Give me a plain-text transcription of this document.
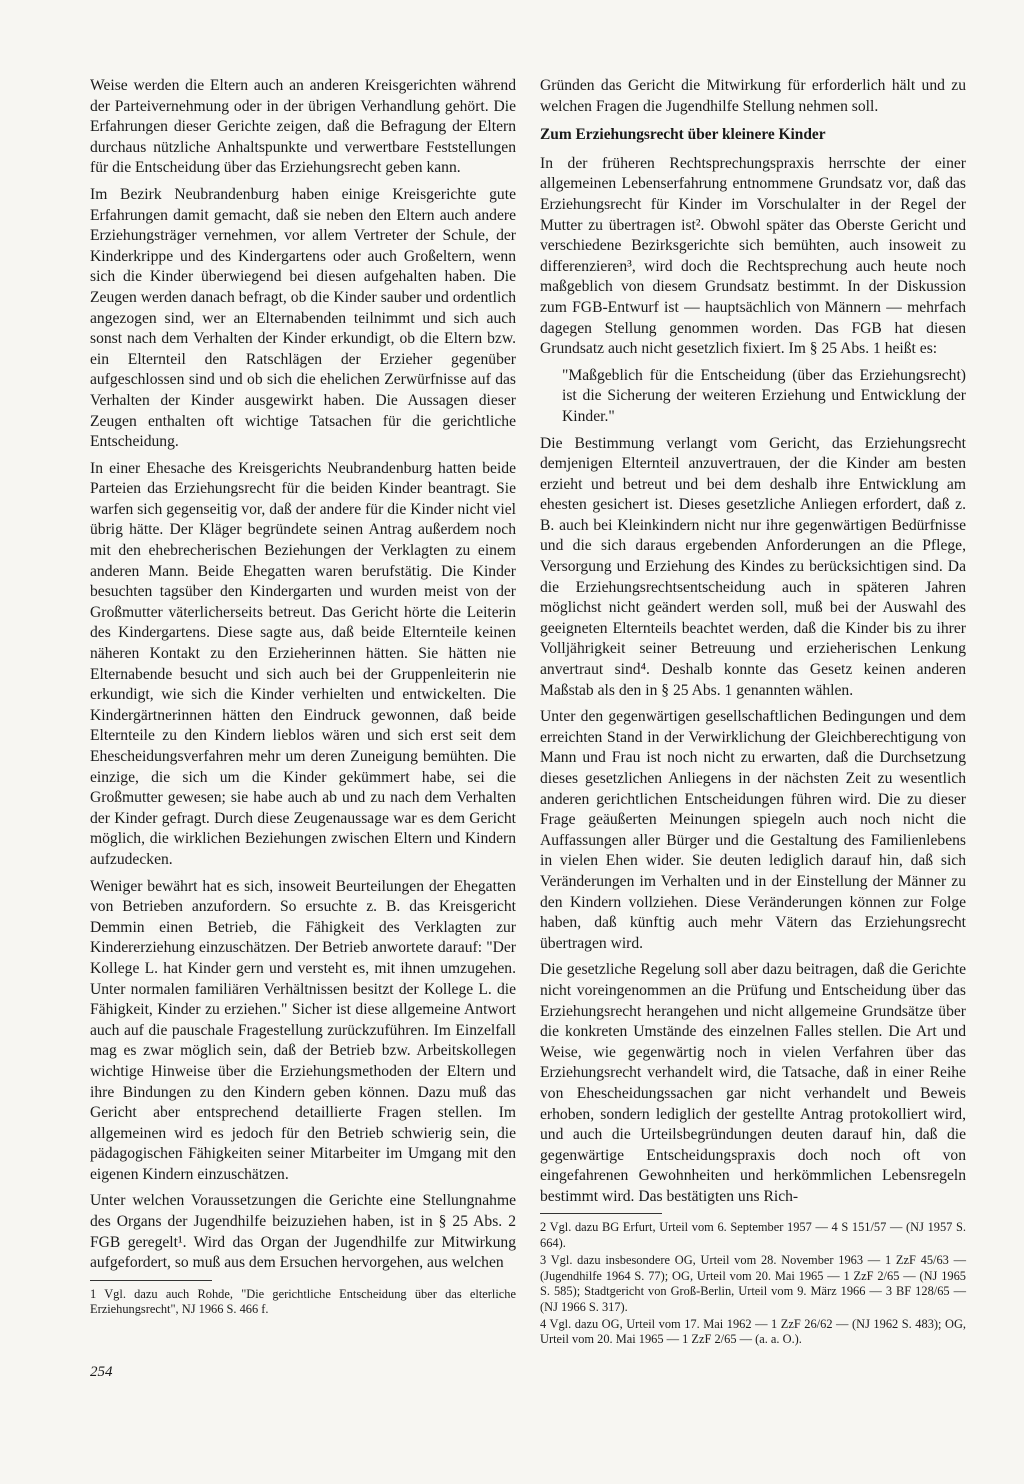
Weise werden die Eltern auch an anderen Kreisgerichten während der Parteivernehmung oder in der übrigen Verhandlung gehört. Die Erfahrungen dieser Gerichte zeigen, daß die Befragung der Eltern durchaus nützliche Anhaltspunkte und verwertbare Feststellungen für die Entscheidung über das Erziehungsrecht geben kann.

Im Bezirk Neubrandenburg haben einige Kreisgerichte gute Erfahrungen damit gemacht, daß sie neben den Eltern auch andere Erziehungsträger vernehmen, vor allem Vertreter der Schule, der Kinderkrippe und des Kindergartens oder auch Großeltern, wenn sich die Kinder überwiegend bei diesen aufgehalten haben. Die Zeugen werden danach befragt, ob die Kinder sauber und ordentlich angezogen sind, wer an Elternabenden teilnimmt und sich auch sonst nach dem Verhalten der Kinder erkundigt, ob die Eltern bzw. ein Elternteil den Ratschlägen der Erzieher gegenüber aufgeschlossen sind und ob sich die ehelichen Zerwürfnisse auf das Verhalten der Kinder ausgewirkt haben. Die Aussagen dieser Zeugen enthalten oft wichtige Tatsachen für die gerichtliche Entscheidung.

In einer Ehesache des Kreisgerichts Neubrandenburg hatten beide Parteien das Erziehungsrecht für die beiden Kinder beantragt. Sie warfen sich gegenseitig vor, daß der andere für die Kinder nicht viel übrig hätte. Der Kläger begründete seinen Antrag außerdem noch mit den ehebrecherischen Beziehungen der Verklagten zu einem anderen Mann. Beide Ehegatten waren berufstätig. Die Kinder besuchten tagsüber den Kindergarten und wurden meist von der Großmutter väterlicherseits betreut. Das Gericht hörte die Leiterin des Kindergartens. Diese sagte aus, daß beide Elternteile keinen näheren Kontakt zu den Erzieherinnen hätten. Sie hätten nie Elternabende besucht und sich auch bei der Gruppenleiterin nie erkundigt, wie sich die Kinder verhielten und entwickelten. Die Kindergärtnerinnen hätten den Eindruck gewonnen, daß beide Elternteile zu den Kindern lieblos wären und sich erst seit dem Ehescheidungsverfahren mehr um deren Zuneigung bemühten. Die einzige, die sich um die Kinder gekümmert habe, sei die Großmutter gewesen; sie habe auch ab und zu nach dem Verhalten der Kinder gefragt. Durch diese Zeugenaussage war es dem Gericht möglich, die wirklichen Beziehungen zwischen Eltern und Kindern aufzudecken.

Weniger bewährt hat es sich, insoweit Beurteilungen der Ehegatten von Betrieben anzufordern. So ersuchte z. B. das Kreisgericht Demmin einen Betrieb, die Fähigkeit des Verklagten zur Kindererziehung einzuschätzen. Der Betrieb anwortete darauf: "Der Kollege L. hat Kinder gern und versteht es, mit ihnen umzugehen. Unter normalen familiären Verhältnissen besitzt der Kollege L. die Fähigkeit, Kinder zu erziehen." Sicher ist diese allgemeine Antwort auch auf die pauschale Fragestellung zurückzuführen. Im Einzelfall mag es zwar möglich sein, daß der Betrieb bzw. Arbeitskollegen wichtige Hinweise über die Erziehungsmethoden der Eltern und ihre Bindungen zu den Kindern geben können. Dazu muß das Gericht aber entsprechend detaillierte Fragen stellen. Im allgemeinen wird es jedoch für den Betrieb schwierig sein, die pädagogischen Fähigkeiten seiner Mitarbeiter im Umgang mit den eigenen Kindern einzuschätzen.

Unter welchen Voraussetzungen die Gerichte eine Stellungnahme des Organs der Jugendhilfe beizuziehen haben, ist in § 25 Abs. 2 FGB geregelt¹. Wird das Organ der Jugendhilfe zur Mitwirkung aufgefordert, so muß aus dem Ersuchen hervorgehen, aus welchen

1 Vgl. dazu auch Rohde, "Die gerichtliche Entscheidung über das elterliche Erziehungsrecht", NJ 1966 S. 466 f.

Gründen das Gericht die Mitwirkung für erforderlich hält und zu welchen Fragen die Jugendhilfe Stellung nehmen soll.

Zum Erziehungsrecht über kleinere Kinder

In der früheren Rechtsprechungspraxis herrschte der einer allgemeinen Lebenserfahrung entnommene Grundsatz vor, daß das Erziehungsrecht für Kinder im Vorschulalter in der Regel der Mutter zu übertragen ist². Obwohl später das Oberste Gericht und verschiedene Bezirksgerichte sich bemühten, auch insoweit zu differenzieren³, wird doch die Rechtsprechung auch heute noch maßgeblich von diesem Grundsatz bestimmt. In der Diskussion zum FGB-Entwurf ist — hauptsächlich von Männern — mehrfach dagegen Stellung genommen worden. Das FGB hat diesen Grundsatz auch nicht gesetzlich fixiert. Im § 25 Abs. 1 heißt es:

"Maßgeblich für die Entscheidung (über das Erziehungsrecht) ist die Sicherung der weiteren Erziehung und Entwicklung der Kinder."

Die Bestimmung verlangt vom Gericht, das Erziehungsrecht demjenigen Elternteil anzuvertrauen, der die Kinder am besten erzieht und betreut und bei dem deshalb ihre Entwicklung am ehesten gesichert ist. Dieses gesetzliche Anliegen erfordert, daß z. B. auch bei Kleinkindern nicht nur ihre gegenwärtigen Bedürfnisse und die sich daraus ergebenden Anforderungen an die Pflege, Versorgung und Erziehung des Kindes zu berücksichtigen sind. Da die Erziehungsrechtsentscheidung auch in späteren Jahren möglichst nicht geändert werden soll, muß bei der Auswahl des geeigneten Elternteils beachtet werden, daß die Kinder bis zu ihrer Volljährigkeit seiner Betreuung und erzieherischen Lenkung anvertraut sind⁴. Deshalb konnte das Gesetz keinen anderen Maßstab als den in § 25 Abs. 1 genannten wählen.

Unter den gegenwärtigen gesellschaftlichen Bedingungen und dem erreichten Stand in der Verwirklichung der Gleichberechtigung von Mann und Frau ist noch nicht zu erwarten, daß die Durchsetzung dieses gesetzlichen Anliegens in der nächsten Zeit zu wesentlich anderen gerichtlichen Entscheidungen führen wird. Die zu dieser Frage geäußerten Meinungen spiegeln auch noch nicht die Auffassungen aller Bürger und die Gestaltung des Familienlebens in vielen Ehen wider. Sie deuten lediglich darauf hin, daß sich Veränderungen im Verhalten und in der Einstellung der Männer zu den Kindern vollziehen. Diese Veränderungen können zur Folge haben, daß künftig auch mehr Vätern das Erziehungsrecht übertragen wird.

Die gesetzliche Regelung soll aber dazu beitragen, daß die Gerichte nicht voreingenommen an die Prüfung und Entscheidung über das Erziehungsrecht herangehen und nicht allgemeine Grundsätze über die konkreten Umstände des einzelnen Falles stellen. Die Art und Weise, wie gegenwärtig noch in vielen Verfahren über das Erziehungsrecht verhandelt wird, die Tatsache, daß in einer Reihe von Ehescheidungssachen gar nicht verhandelt und Beweis erhoben, sondern lediglich der gestellte Antrag protokolliert wird, und auch die Urteilsbegründungen deuten darauf hin, daß die gegenwärtige Entscheidungspraxis doch noch oft von eingefahrenen Gewohnheiten und herkömmlichen Lebensregeln bestimmt wird. Das bestätigten uns Rich-

2 Vgl. dazu BG Erfurt, Urteil vom 6. September 1957 — 4 S 151/57 — (NJ 1957 S. 664).

3 Vgl. dazu insbesondere OG, Urteil vom 28. November 1963 — 1 ZzF 45/63 — (Jugendhilfe 1964 S. 77); OG, Urteil vom 20. Mai 1965 — 1 ZzF 2/65 — (NJ 1965 S. 585); Stadtgericht von Groß-Berlin, Urteil vom 9. März 1966 — 3 BF 128/65 — (NJ 1966 S. 317).

4 Vgl. dazu OG, Urteil vom 17. Mai 1962 — 1 ZzF 26/62 — (NJ 1962 S. 483); OG, Urteil vom 20. Mai 1965 — 1 ZzF 2/65 — (a. a. O.).

254
